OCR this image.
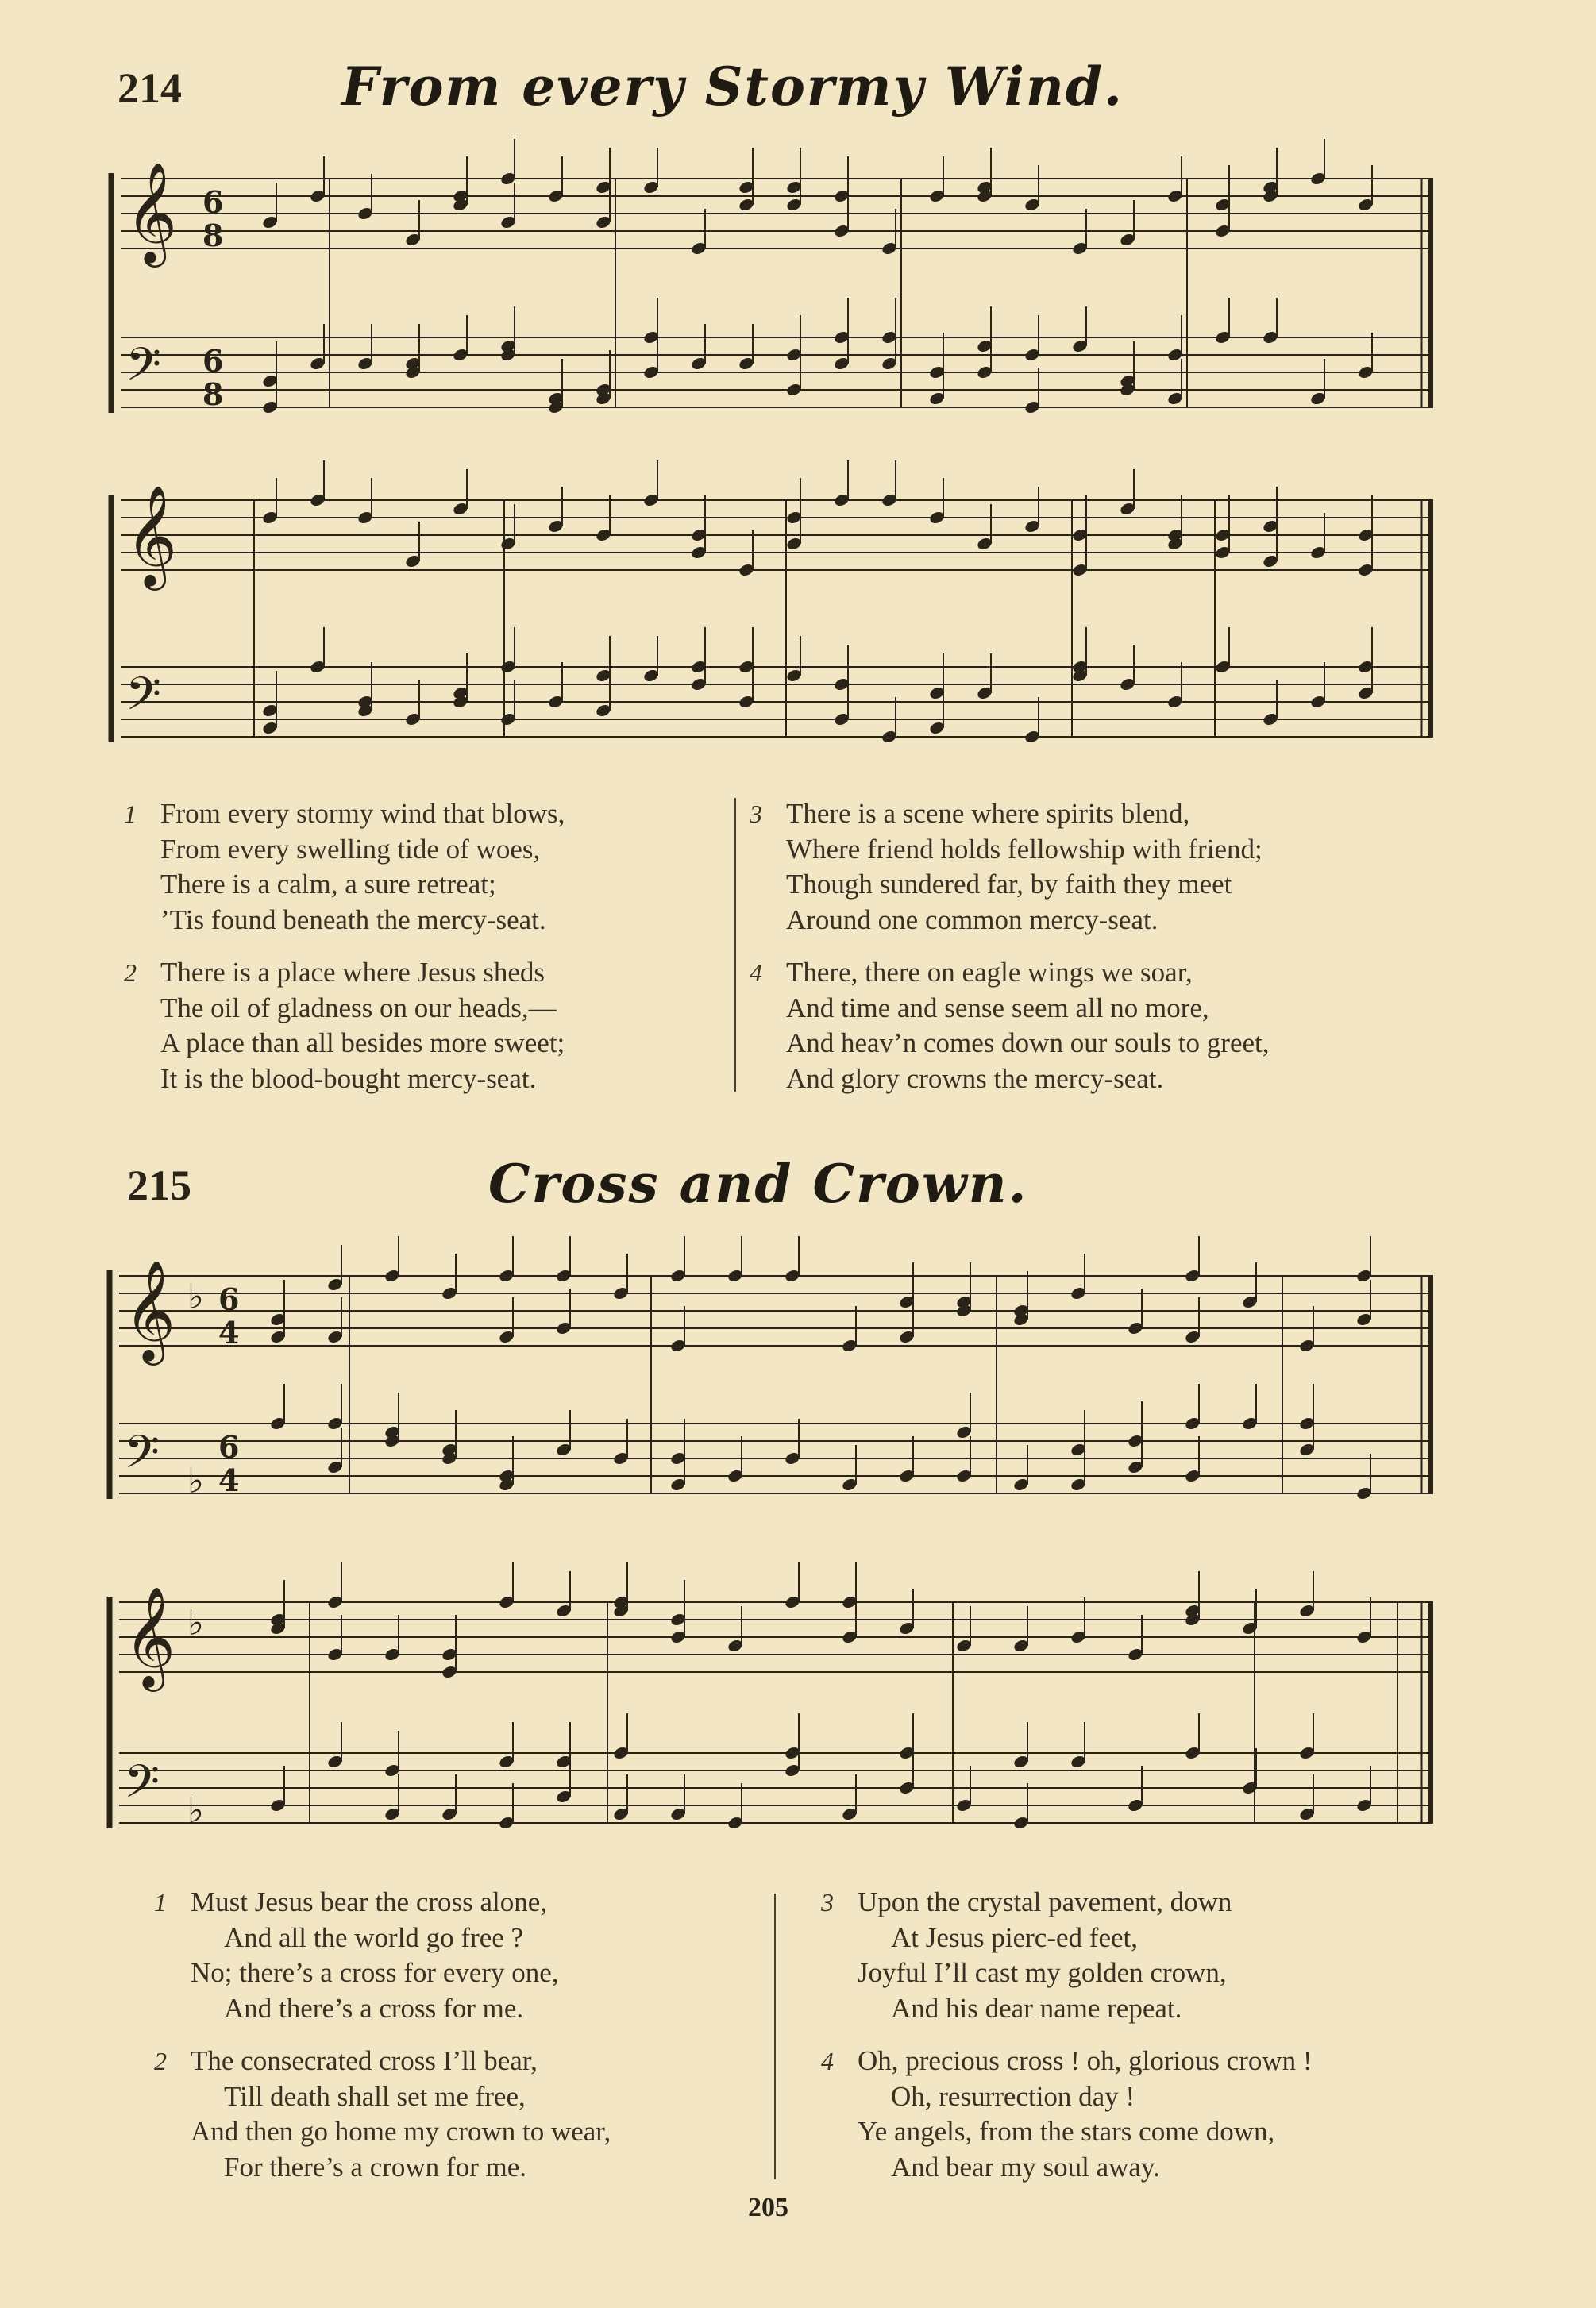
214	From every Stormy Wind.
𝄞
𝄢
𝄞
𝄢
6
8
6
8
1 From every stormy wind that blows,
From every swelling tide of woes,
There is a calm, a sure retreat;
’Tis found beneath the mercy-seat.
2 There is a place where Jesus sheds
The oil of gladness on our heads,—
A place than all besides more sweet;
It is the blood-bought mercy-seat.
3 There is a scene where spirits blend,
Where friend holds fellowship with friend;
Though sundered far, by faith they meet
Around one common mercy-seat.
4 There, there on eagle wings we soar,
And time and sense seem all no more,
And heav’n comes down our souls to greet,
And glory crowns the mercy-seat.
215	Cross and Crown.
𝄞
𝄢
𝄞
𝄢
♭
♭
♭
♭
6
4
6
4
1 Must Jesus bear the cross alone,
And all the world go free ?
No; there’s a cross for every one,
And there’s a cross for me.
2 The consecrated cross I’ll bear,
Till death shall set me free,
And then go home my crown to wear,
For there’s a crown for me.
3 Upon the crystal pavement, down
At Jesus pierc-ed feet,
Joyful I’ll cast my golden crown,
And his dear name repeat.
4 Oh, precious cross ! oh, glorious crown !
Oh, resurrection day !
Ye angels, from the stars come down,
And bear my soul away.
205
